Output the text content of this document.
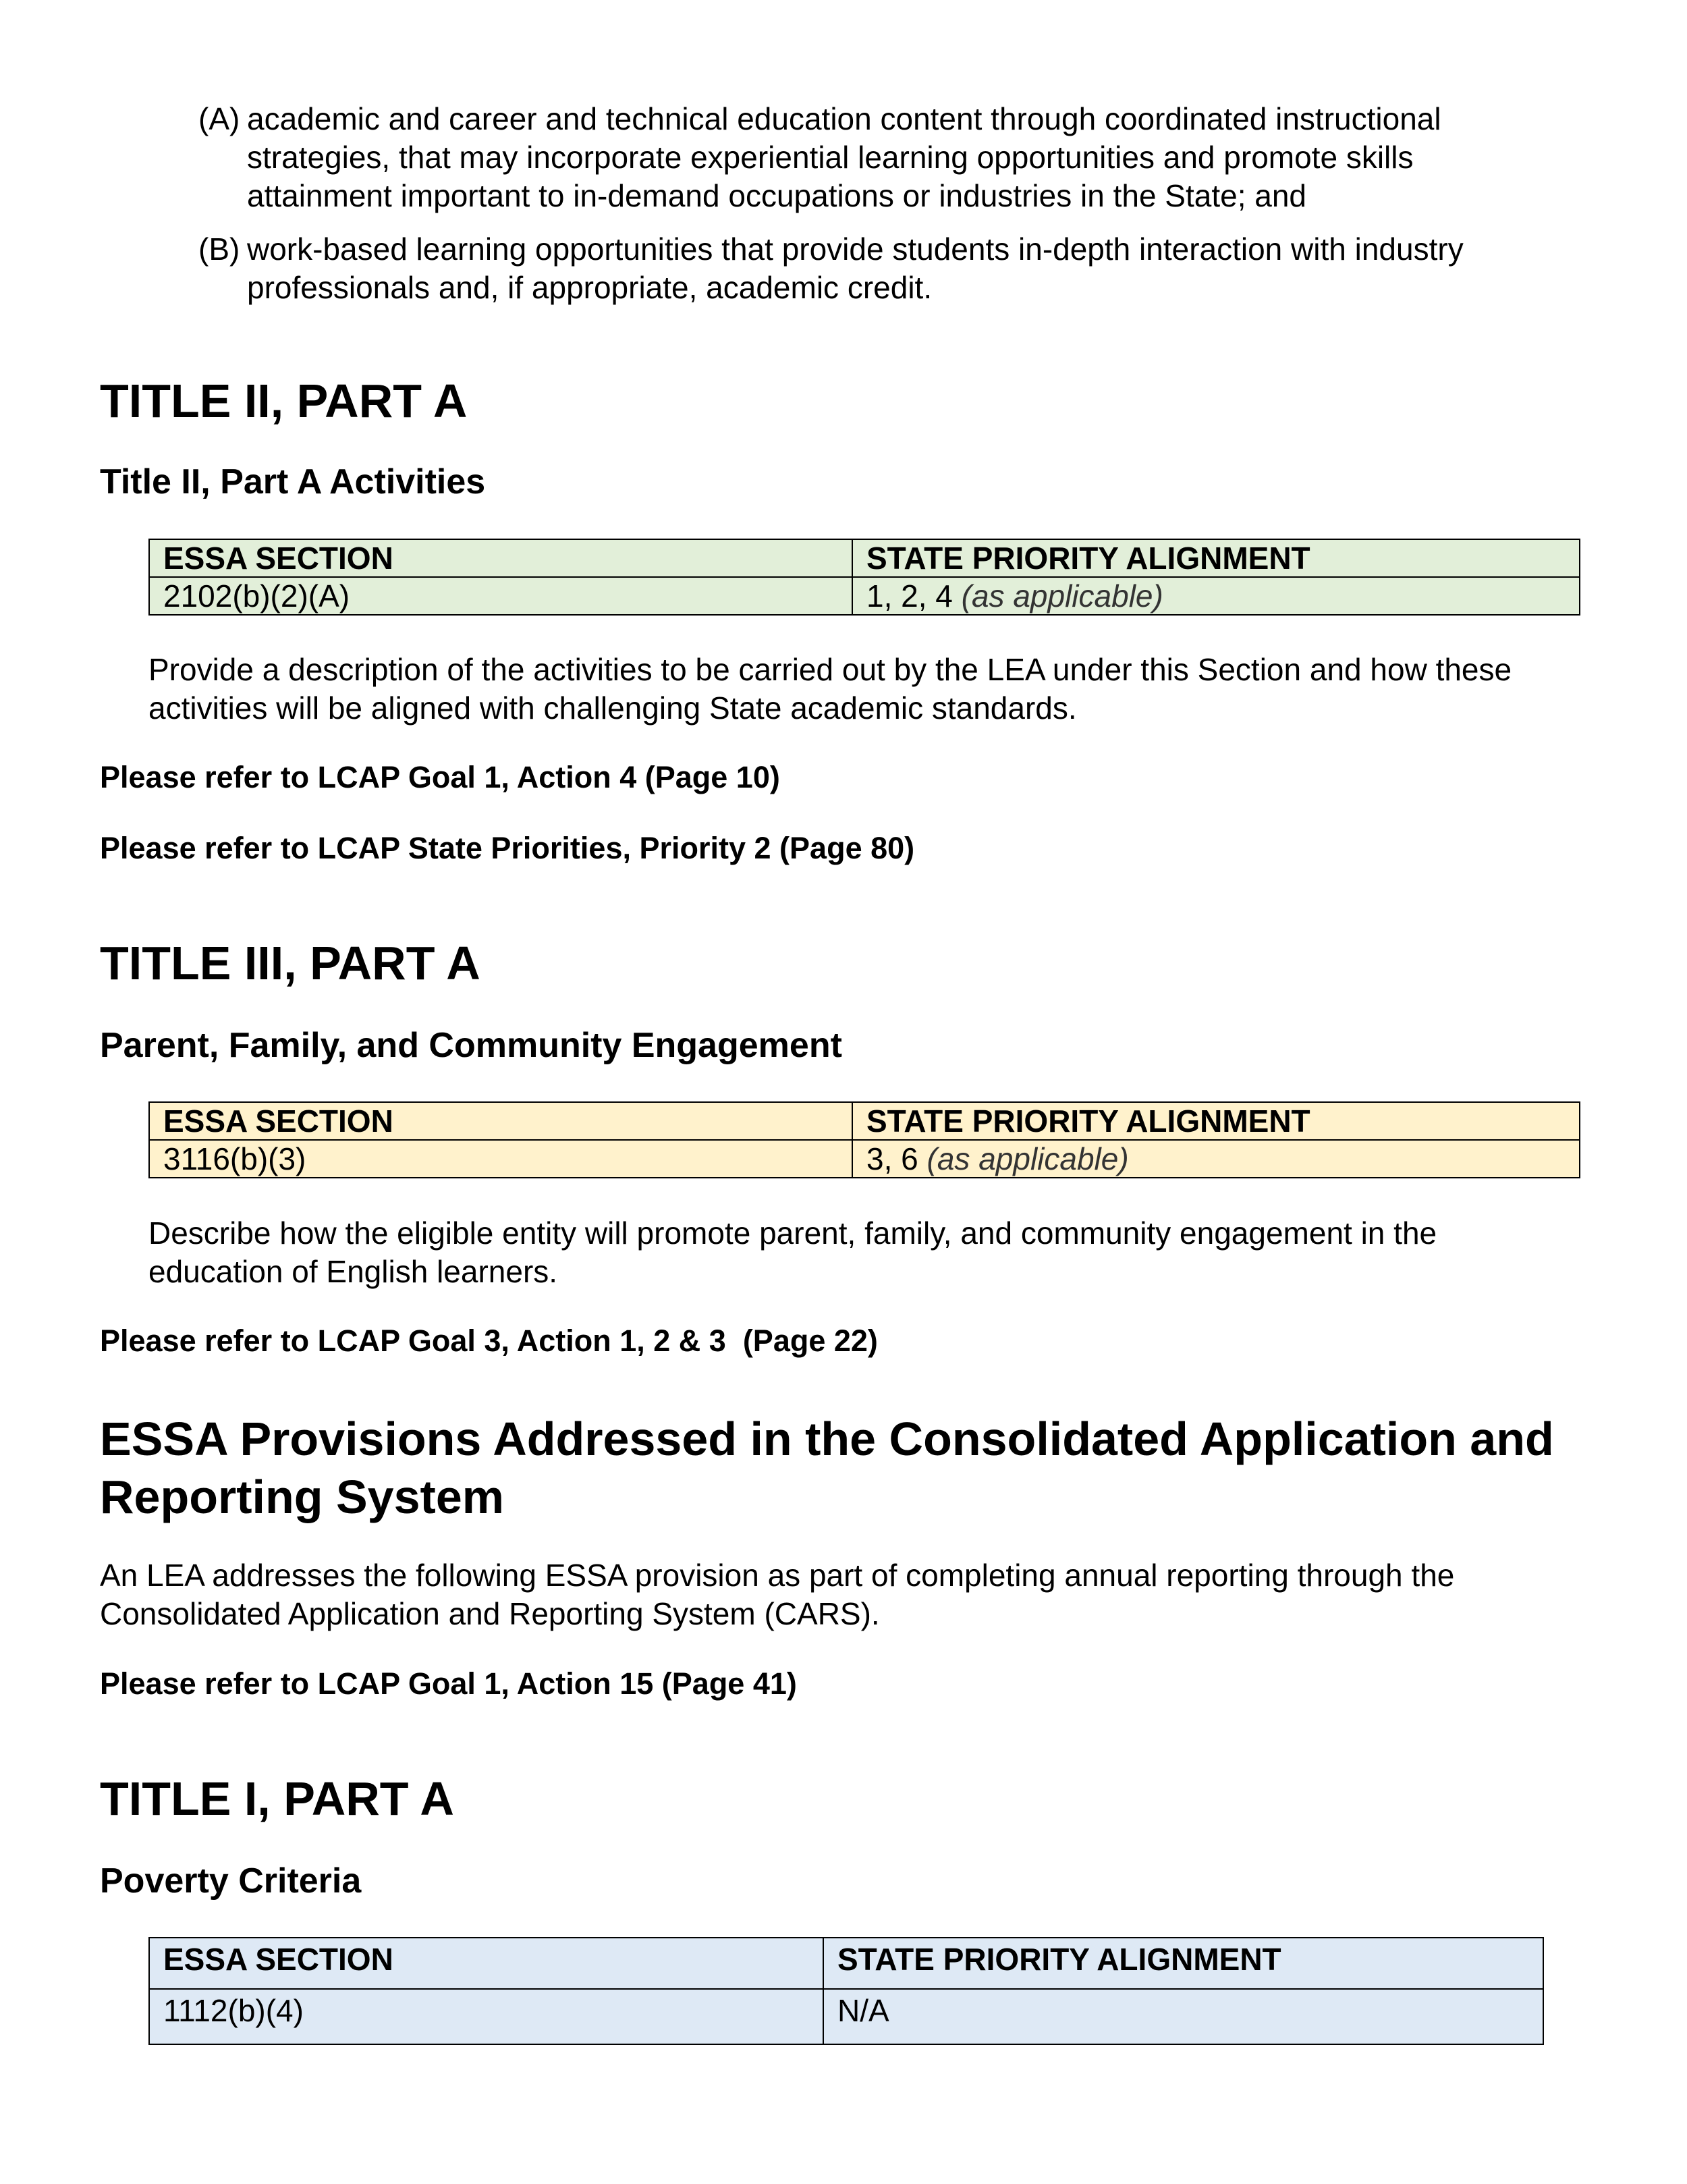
(A) academic and career and technical education content through coordinated instructional strategies, that may incorporate experiential learning opportunities and promote skills attainment important to in-demand occupations or industries in the State; and
(B) work-based learning opportunities that provide students in-depth interaction with industry professionals and, if appropriate, academic credit.
TITLE II, PART A
Title II, Part A Activities
ESSA SECTION	STATE PRIORITY ALIGNMENT
2102(b)(2)(A)	1, 2, 4 (as applicable)
Provide a description of the activities to be carried out by the LEA under this Section and how these activities will be aligned with challenging State academic standards.
Please refer to LCAP Goal 1, Action 4 (Page 10)
Please refer to LCAP State Priorities, Priority 2 (Page 80)
TITLE III, PART A
Parent, Family, and Community Engagement
ESSA SECTION	STATE PRIORITY ALIGNMENT
3116(b)(3)	3, 6 (as applicable)
Describe how the eligible entity will promote parent, family, and community engagement in the education of English learners.
Please refer to LCAP Goal 3, Action 1, 2 & 3  (Page 22)
ESSA Provisions Addressed in the Consolidated Application and Reporting System
An LEA addresses the following ESSA provision as part of completing annual reporting through the Consolidated Application and Reporting System (CARS).
Please refer to LCAP Goal 1, Action 15 (Page 41)
TITLE I, PART A
Poverty Criteria
ESSA SECTION	STATE PRIORITY ALIGNMENT
1112(b)(4)	N/A
